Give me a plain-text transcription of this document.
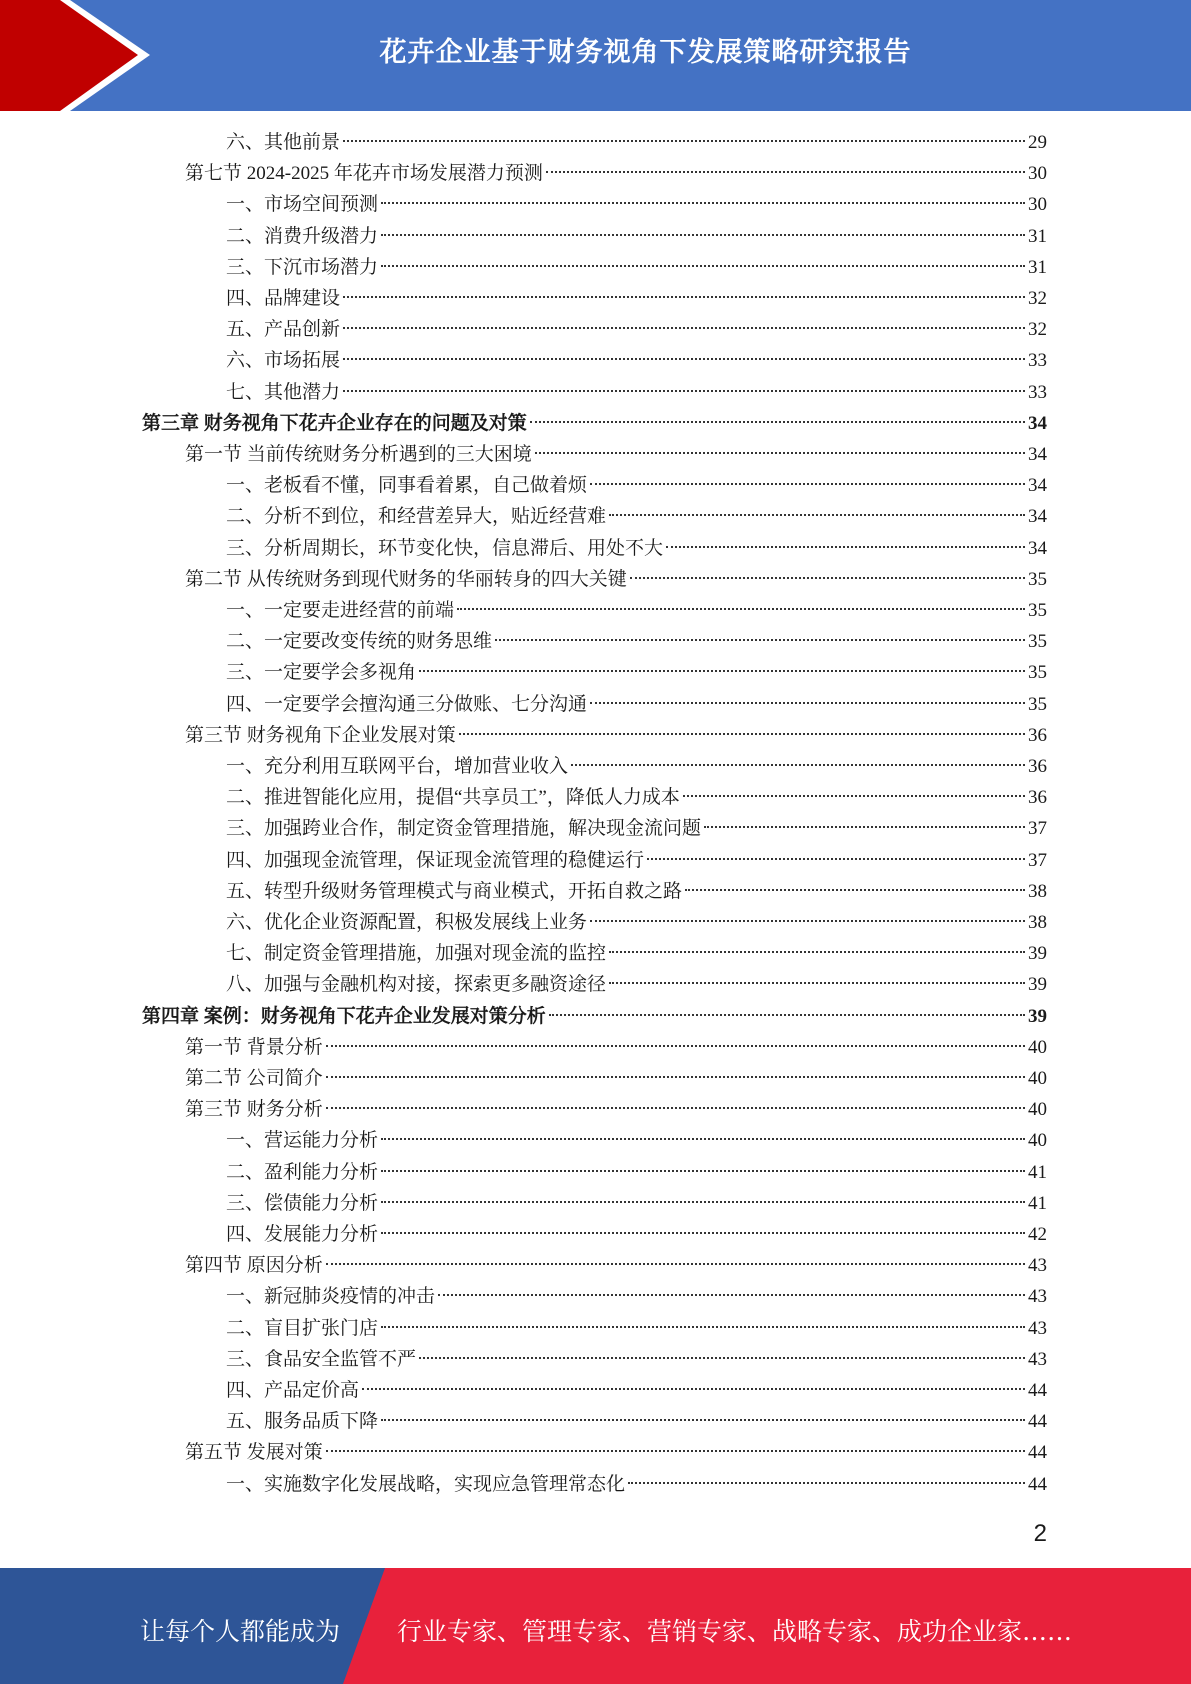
花卉企业基于财务视角下发展策略研究报告
六、其他前景	29
第七节 2024-2025 年花卉市场发展潜力预测	30
一、市场空间预测	30
二、消费升级潜力	31
三、下沉市场潜力	31
四、品牌建设	32
五、产品创新	32
六、市场拓展	33
七、其他潜力	33
第三章 财务视角下花卉企业存在的问题及对策	34
第一节 当前传统财务分析遇到的三大困境	34
一、老板看不懂，同事看着累，自己做着烦	34
二、分析不到位，和经营差异大，贴近经营难	34
三、分析周期长，环节变化快，信息滞后、用处不大	34
第二节 从传统财务到现代财务的华丽转身的四大关键	35
一、一定要走进经营的前端	35
二、一定要改变传统的财务思维	35
三、一定要学会多视角	35
四、一定要学会擅沟通三分做账、七分沟通	35
第三节 财务视角下企业发展对策	36
一、充分利用互联网平台，增加营业收入	36
二、推进智能化应用，提倡“共享员工”，降低人力成本	36
三、加强跨业合作，制定资金管理措施，解决现金流问题	37
四、加强现金流管理，保证现金流管理的稳健运行	37
五、转型升级财务管理模式与商业模式，开拓自救之路	38
六、优化企业资源配置，积极发展线上业务	38
七、制定资金管理措施，加强对现金流的监控	39
八、加强与金融机构对接，探索更多融资途径	39
第四章 案例：财务视角下花卉企业发展对策分析	39
第一节 背景分析	40
第二节 公司简介	40
第三节 财务分析	40
一、营运能力分析	40
二、盈利能力分析	41
三、偿债能力分析	41
四、发展能力分析	42
第四节 原因分析	43
一、新冠肺炎疫情的冲击	43
二、盲目扩张门店	43
三、食品安全监管不严	43
四、产品定价高	44
五、服务品质下降	44
第五节 发展对策	44
一、实施数字化发展战略，实现应急管理常态化	44
2
让每个人都能成为 行业专家、管理专家、营销专家、战略专家、成功企业家……
